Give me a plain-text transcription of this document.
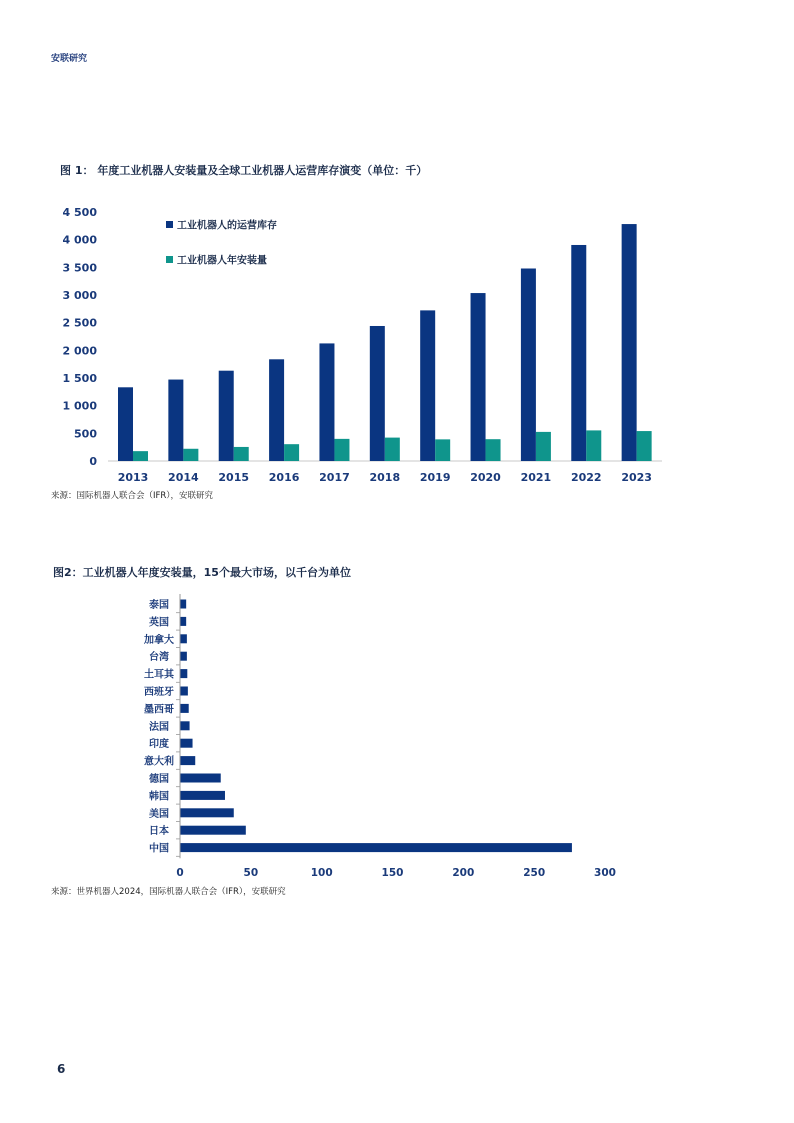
安联研究
图 1： 年度工业机器人安装量及全球工业机器人运营库存演变（单位：千）
0
500
1 000
1 500
2 000
2 500
3 000
3 500
4 000
4 500
2013 2014 2015 2016 2017 2018 2019 2020 2021 2022 2023
工业机器人的运营库存
工业机器人年安装量
来源：国际机器人联合会（IFR），安联研究
图2：工业机器人年度安装量，15个最大市场，以千台为单位
泰国
英国
加拿大
台湾
土耳其
西班牙
墨西哥
法国
印度
意大利
德国
韩国
美国
日本
中国
0	50	100	150	200	250	300
来源：世界机器人2024，国际机器人联合会（IFR），安联研究
6
